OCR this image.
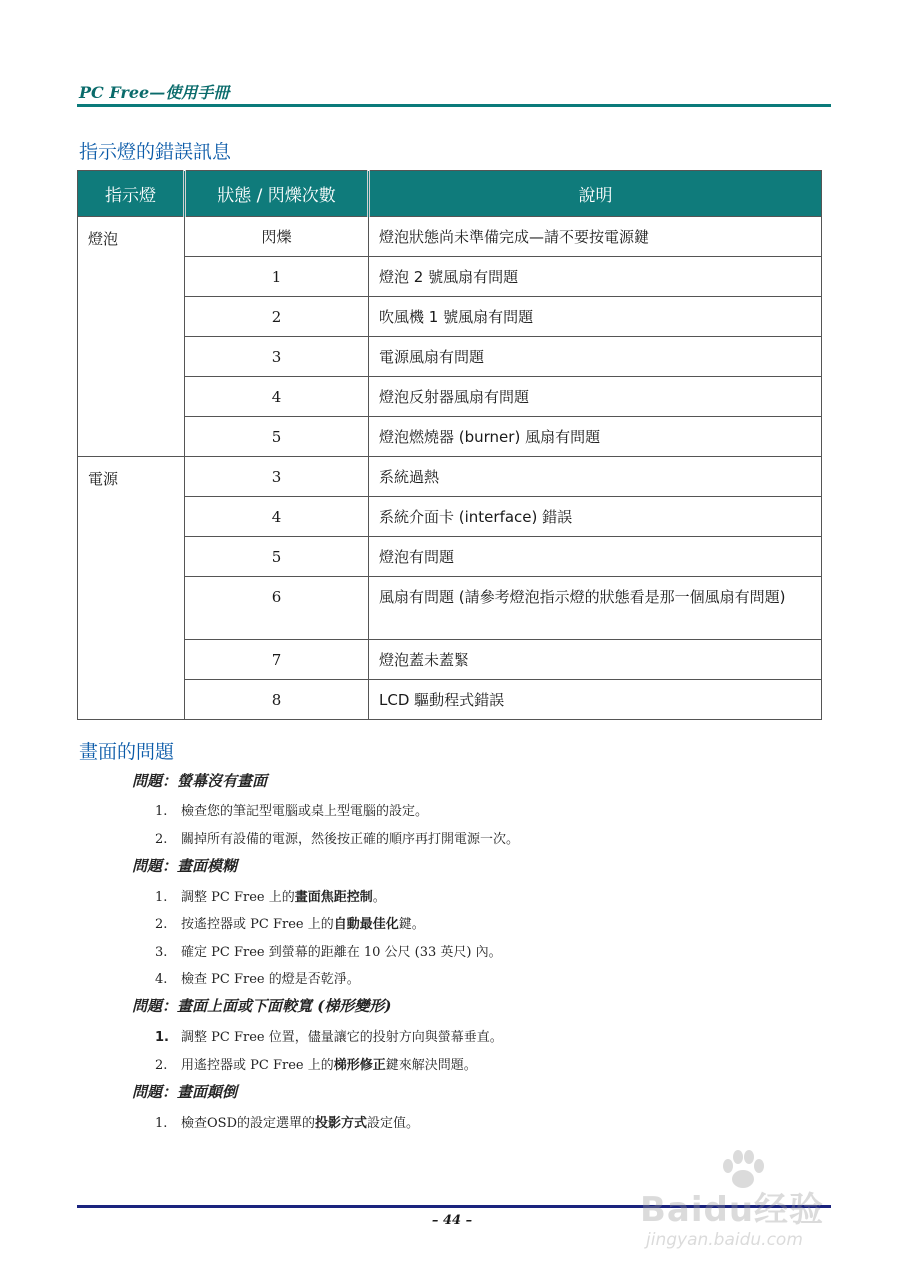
PC Free—使用手冊
指示燈的錯誤訊息
指示燈	狀態 / 閃爍次數	說明
燈泡	閃爍	燈泡狀態尚未準備完成—請不要按電源鍵
	1	燈泡 2 號風扇有問題
	2	吹風機 1 號風扇有問題
	3	電源風扇有問題
	4	燈泡反射器風扇有問題
	5	燈泡燃燒器 (burner) 風扇有問題
電源	3	系統過熱
	4	系統介面卡 (interface) 錯誤
	5	燈泡有問題
	6	風扇有問題 (請參考燈泡指示燈的狀態看是那一個風扇有問題)
	7	燈泡蓋未蓋緊
	8	LCD 驅動程式錯誤
畫面的問題
問題：螢幕沒有畫面
1. 檢查您的筆記型電腦或桌上型電腦的設定。
2. 關掉所有設備的電源，然後按正確的順序再打開電源一次。
問題：畫面模糊
1. 調整 PC Free 上的畫面焦距控制。
2. 按遙控器或 PC Free 上的自動最佳化鍵。
3. 確定 PC Free 到螢幕的距離在 10 公尺 (33 英尺) 內。
4. 檢查 PC Free 的燈是否乾淨。
問題：畫面上面或下面較寬 (梯形變形)
1. 調整 PC Free 位置，儘量讓它的投射方向與螢幕垂直。
2. 用遙控器或 PC Free 上的梯形修正鍵來解決問題。
問題：畫面顛倒
1. 檢查OSD的設定選單的投影方式設定值。
– 44 –	Baidu经验
jingyan.baidu.com
